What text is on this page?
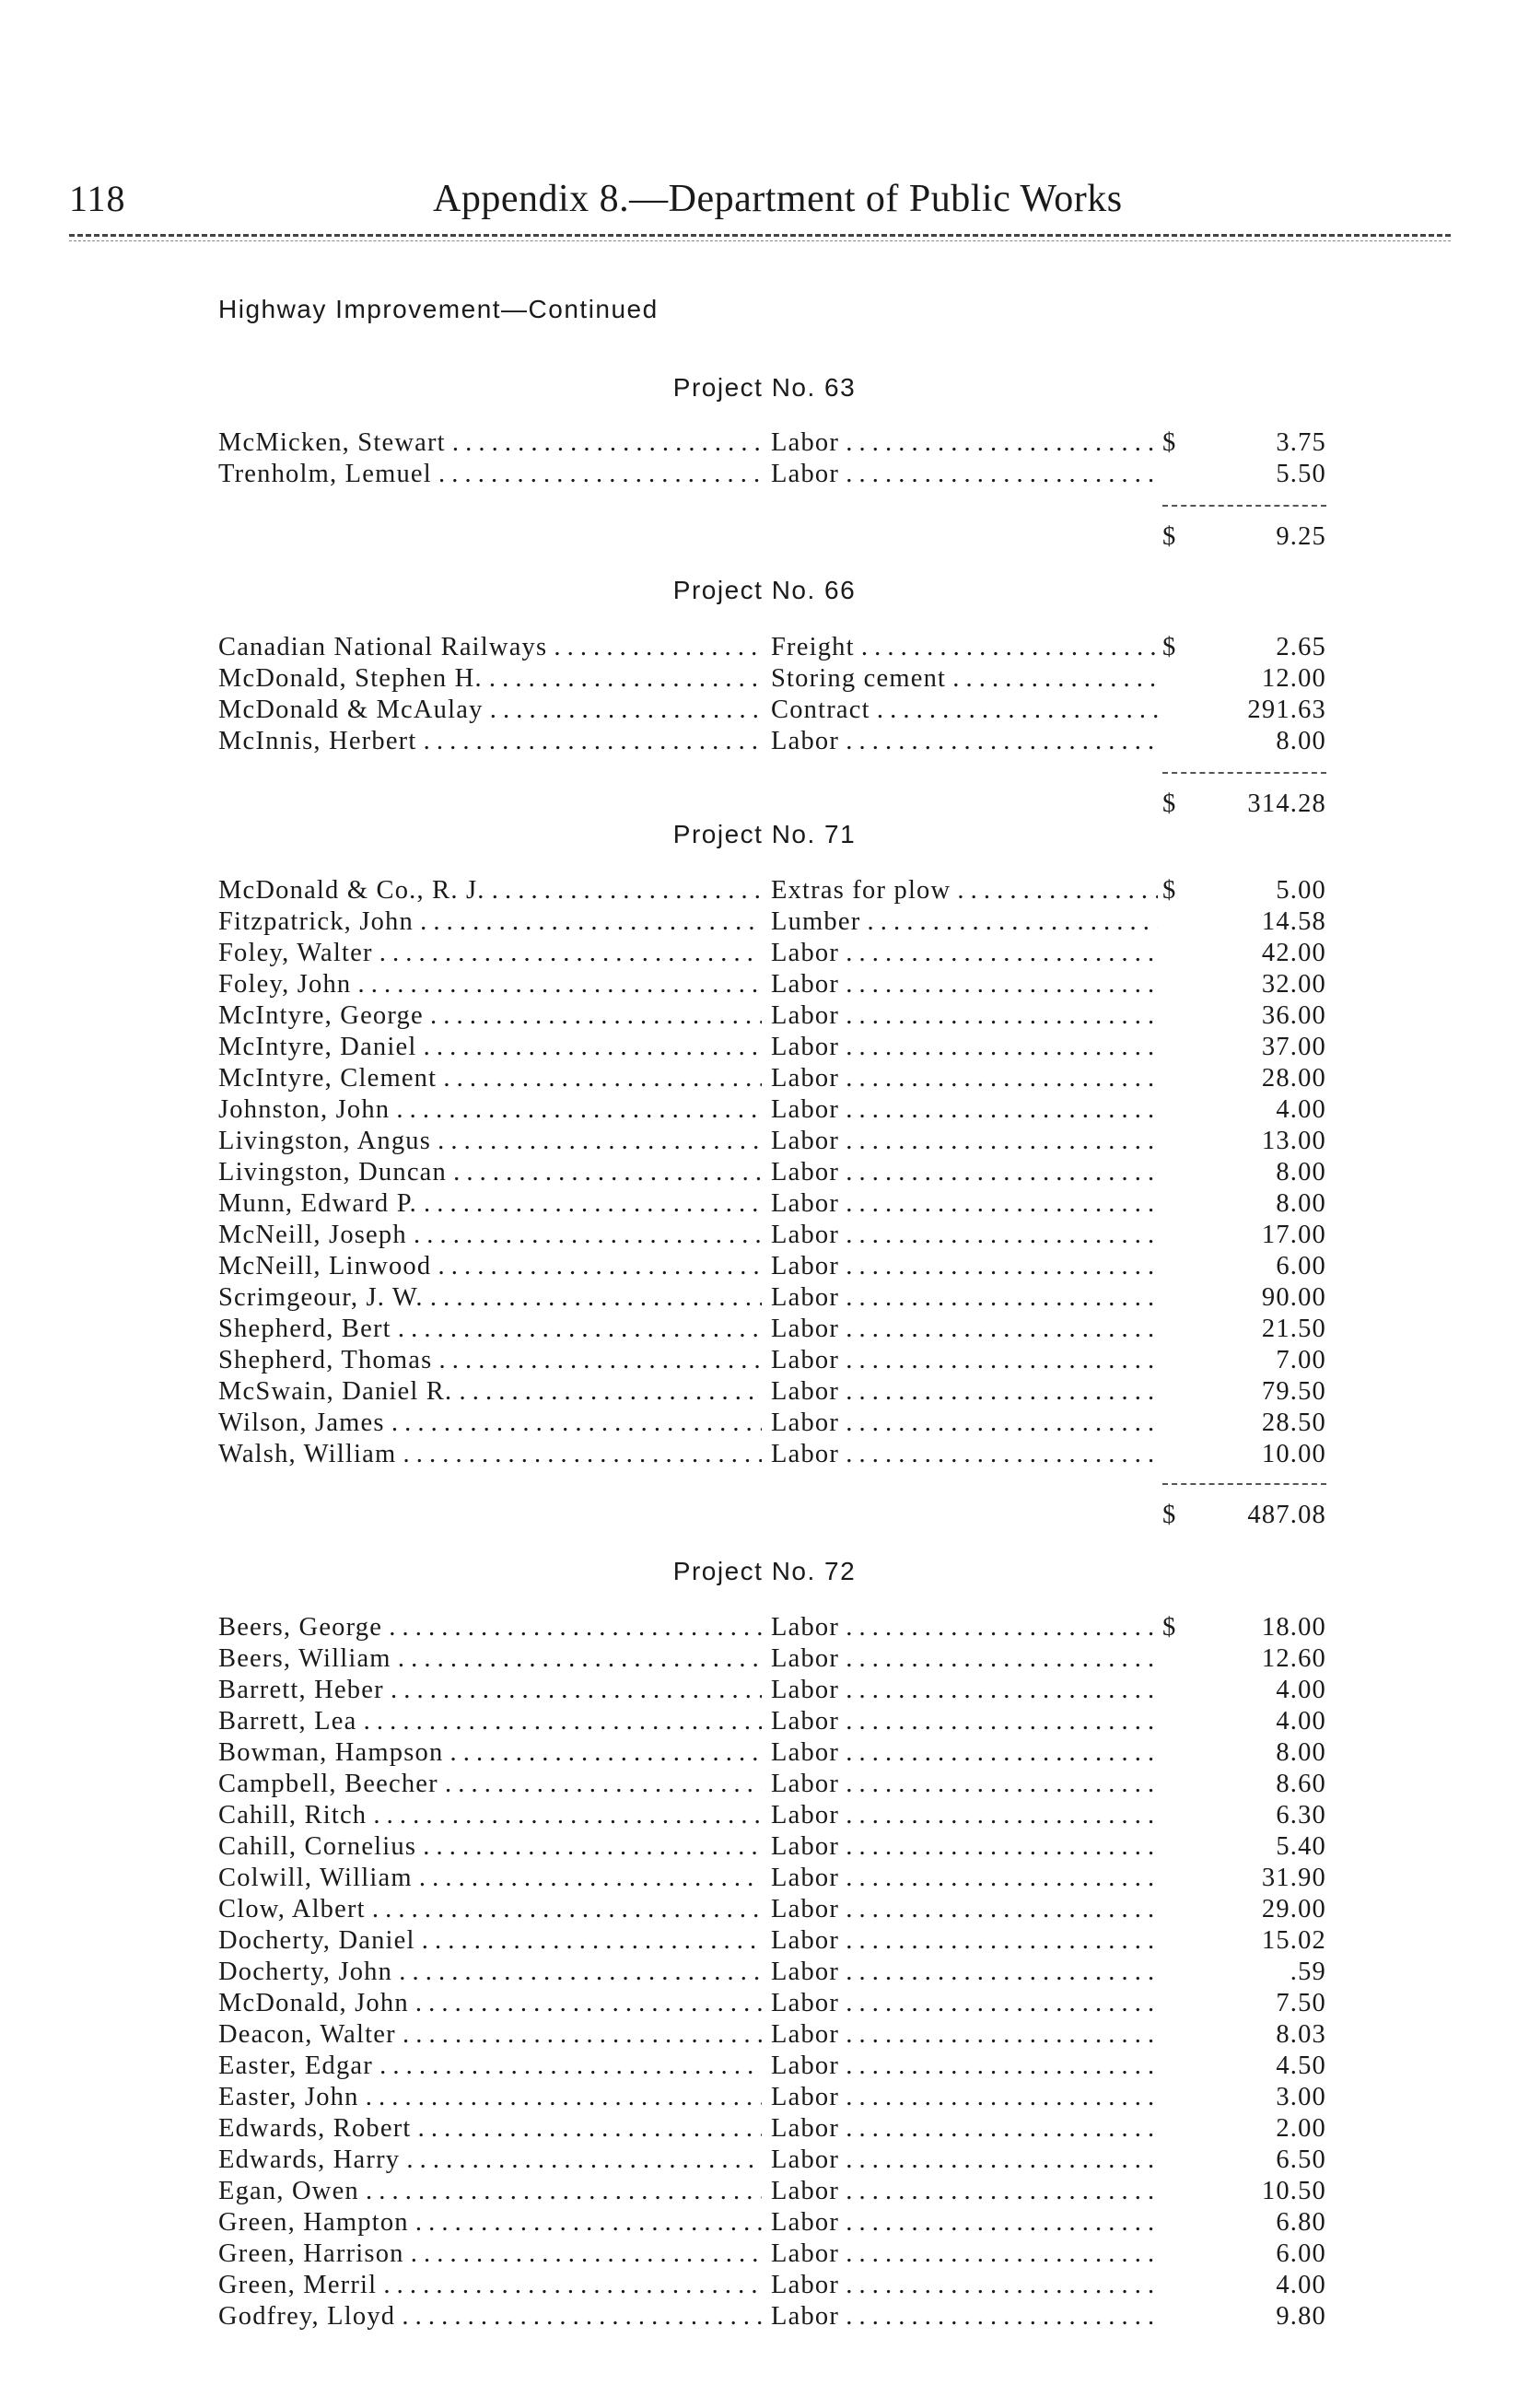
118	Appendix 8.—Department of Public Works
Highway Improvement—Continued
Project No. 63
McMicken, Stewart . . .	Labor . . .	$	3.75
Trenholm, Lemuel . . .	Labor . . .	5.50
$	9.25
Project No. 66
Canadian National Railways . . .	Freight . . .	$	2.65
McDonald, Stephen H. . . .	Storing cement . . .	12.00
McDonald & McAulay . . .	Contract . . .	291.63
McInnis, Herbert . . .	Labor . . .	8.00
$	314.28
Project No. 71
McDonald & Co., R. J. . . .	Extras for plow . . .	$	5.00
Fitzpatrick, John . . .	Lumber . . .	14.58
Foley, Walter . . .	Labor . . .	42.00
Foley, John . . .	Labor . . .	32.00
McIntyre, George . . .	Labor . . .	36.00
McIntyre, Daniel . . .	Labor . . .	37.00
McIntyre, Clement . . .	Labor . . .	28.00
Johnston, John . . .	Labor . . .	4.00
Livingston, Angus . . .	Labor . . .	13.00
Livingston, Duncan . . .	Labor . . .	8.00
Munn, Edward P. . . .	Labor . . .	8.00
McNeill, Joseph . . .	Labor . . .	17.00
McNeill, Linwood . . .	Labor . . .	6.00
Scrimgeour, J. W. . . .	Labor . . .	90.00
Shepherd, Bert . . .	Labor . . .	21.50
Shepherd, Thomas . . .	Labor . . .	7.00
McSwain, Daniel R. . . .	Labor . . .	79.50
Wilson, James . . .	Labor . . .	28.50
Walsh, William . . .	Labor . . .	10.00
$	487.08
Project No. 72
Beers, George . . .	Labor . . .	$	18.00
Beers, William . . .	Labor . . .	12.60
Barrett, Heber . . .	Labor . . .	4.00
Barrett, Lea . . .	Labor . . .	4.00
Bowman, Hampson . . .	Labor . . .	8.00
Campbell, Beecher . . .	Labor . . .	8.60
Cahill, Ritch . . .	Labor . . .	6.30
Cahill, Cornelius . . .	Labor . . .	5.40
Colwill, William . . .	Labor . . .	31.90
Clow, Albert . . .	Labor . . .	29.00
Docherty, Daniel . . .	Labor . . .	15.02
Docherty, John . . .	Labor . . .	.59
McDonald, John . . .	Labor . . .	7.50
Deacon, Walter . . .	Labor . . .	8.03
Easter, Edgar . . .	Labor . . .	4.50
Easter, John . . .	Labor . . .	3.00
Edwards, Robert . . .	Labor . . .	2.00
Edwards, Harry . . .	Labor . . .	6.50
Egan, Owen . . .	Labor . . .	10.50
Green, Hampton . . .	Labor . . .	6.80
Green, Harrison . . .	Labor . . .	6.00
Green, Merril . . .	Labor . . .	4.00
Godfrey, Lloyd . . .	Labor . . .	9.80
